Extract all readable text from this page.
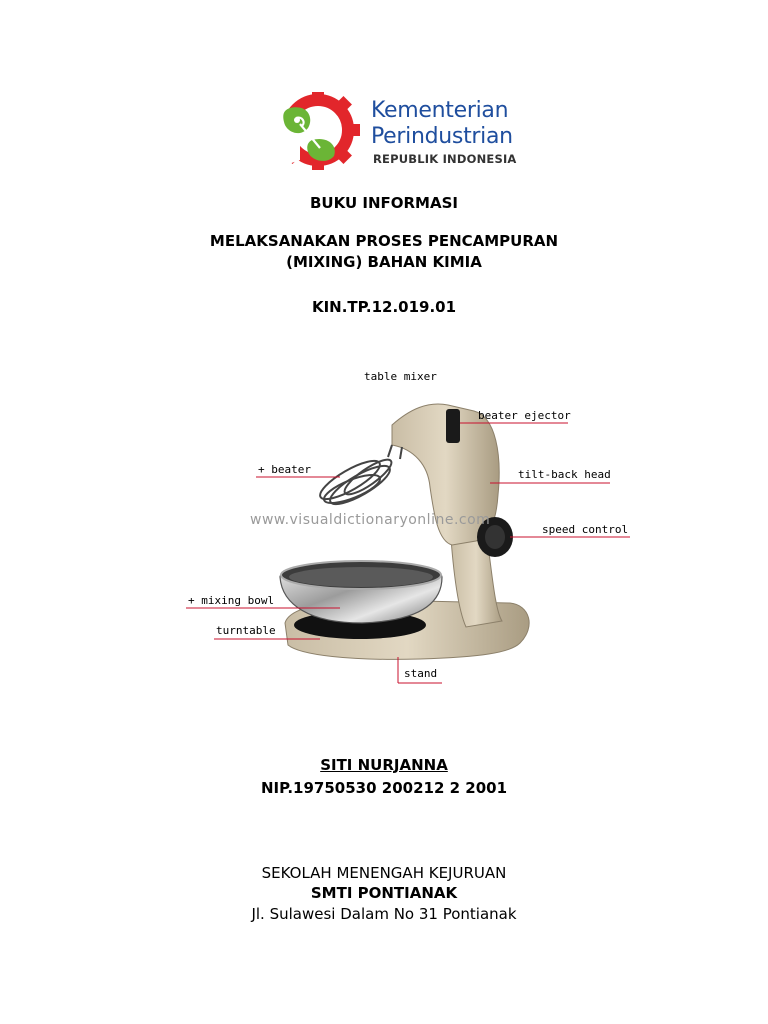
Kementerian
Perindustrian
REPUBLIK INDONESIA
BUKU INFORMASI
MELAKSANAKAN PROSES PENCAMPURAN
(MIXING) BAHAN KIMIA
KIN.TP.12.019.01
www.visualdictionaryonline.com
table mixer
beater ejector
+ beater	tilt-back head
speed control
+ mixing bowl
turntable
stand
SITI NURJANNA
NIP.19750530 200212 2 2001
SEKOLAH MENENGAH KEJURUAN
SMTI PONTIANAK
Jl. Sulawesi Dalam No 31 Pontianak
